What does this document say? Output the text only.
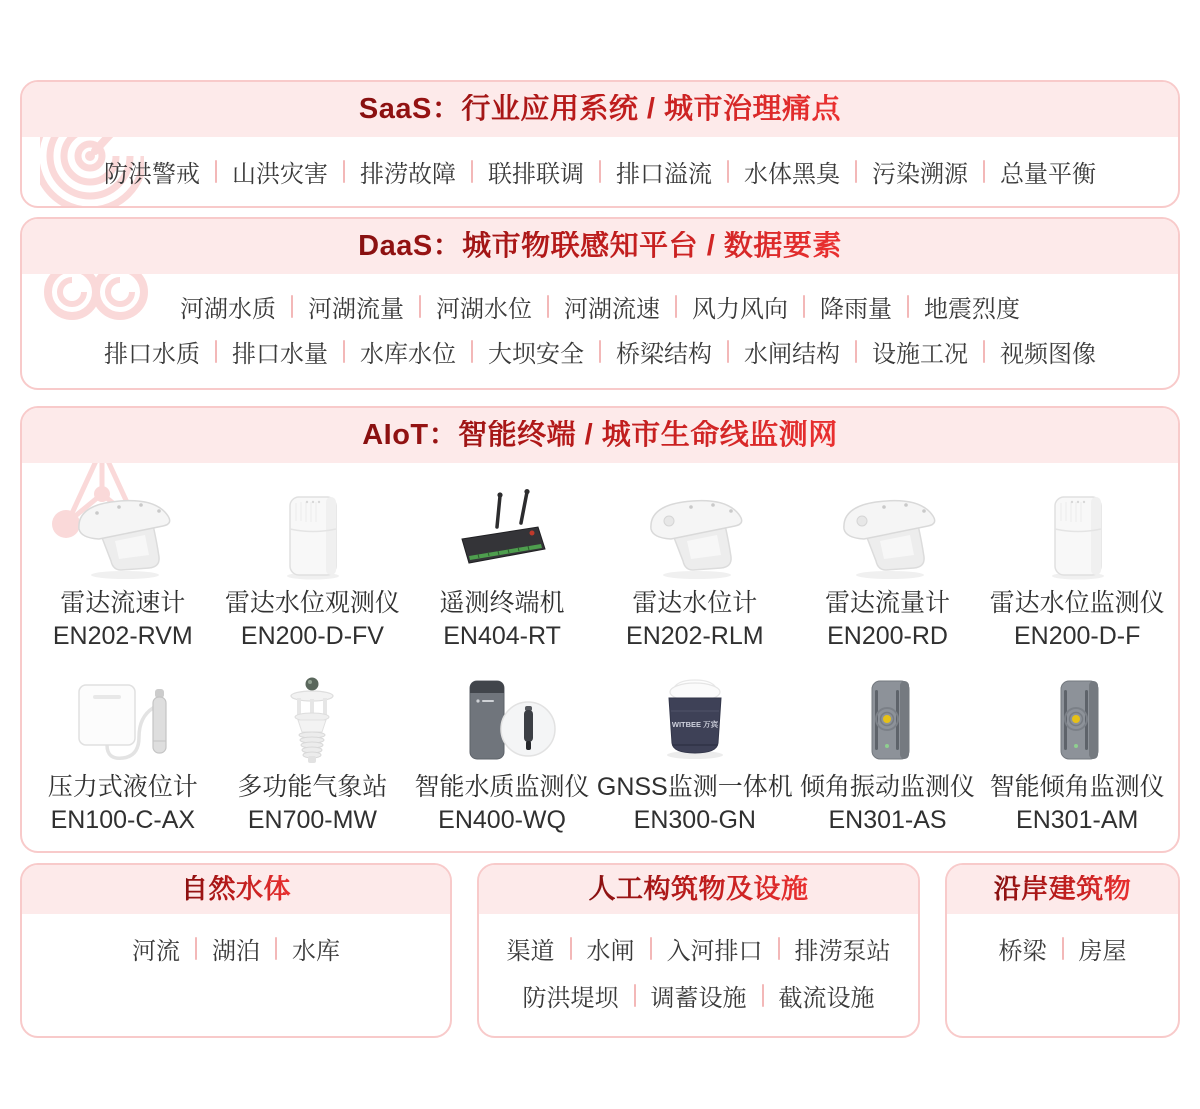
SaaS：行业应用系统 / 城市治理痛点
防洪警戒	山洪灾害	排涝故障	联排联调	排口溢流	水体黑臭	污染溯源	总量平衡
DaaS：城市物联感知平台 / 数据要素
河湖水质	河湖流量	河湖水位	河湖流速	风力风向	降雨量	地震烈度
排口水质	排口水量	水库水位	大坝安全	桥梁结构	水闸结构	设施工况	视频图像
AIoT：智能终端 / 城市生命线监测网
雷达流速计
EN202-RVM
雷达水位观测仪
EN200-D-FV
遥测终端机
EN404-RT
雷达水位计
EN202-RLM
雷达流量计
EN200-RD
雷达水位监测仪
EN200-D-F
压力式液位计
EN100-C-AX
多功能气象站
EN700-MW
智能水质监测仪
EN400-WQ
WITBEE 万宾
GNSS监测一体机
EN300-GN
倾角振动监测仪
EN301-AS
智能倾角监测仪
EN301-AM
自然水体
河流	湖泊	水库
人工构筑物及设施
渠道	水闸	入河排口	排涝泵站
防洪堤坝	调蓄设施	截流设施
沿岸建筑物
桥梁	房屋
